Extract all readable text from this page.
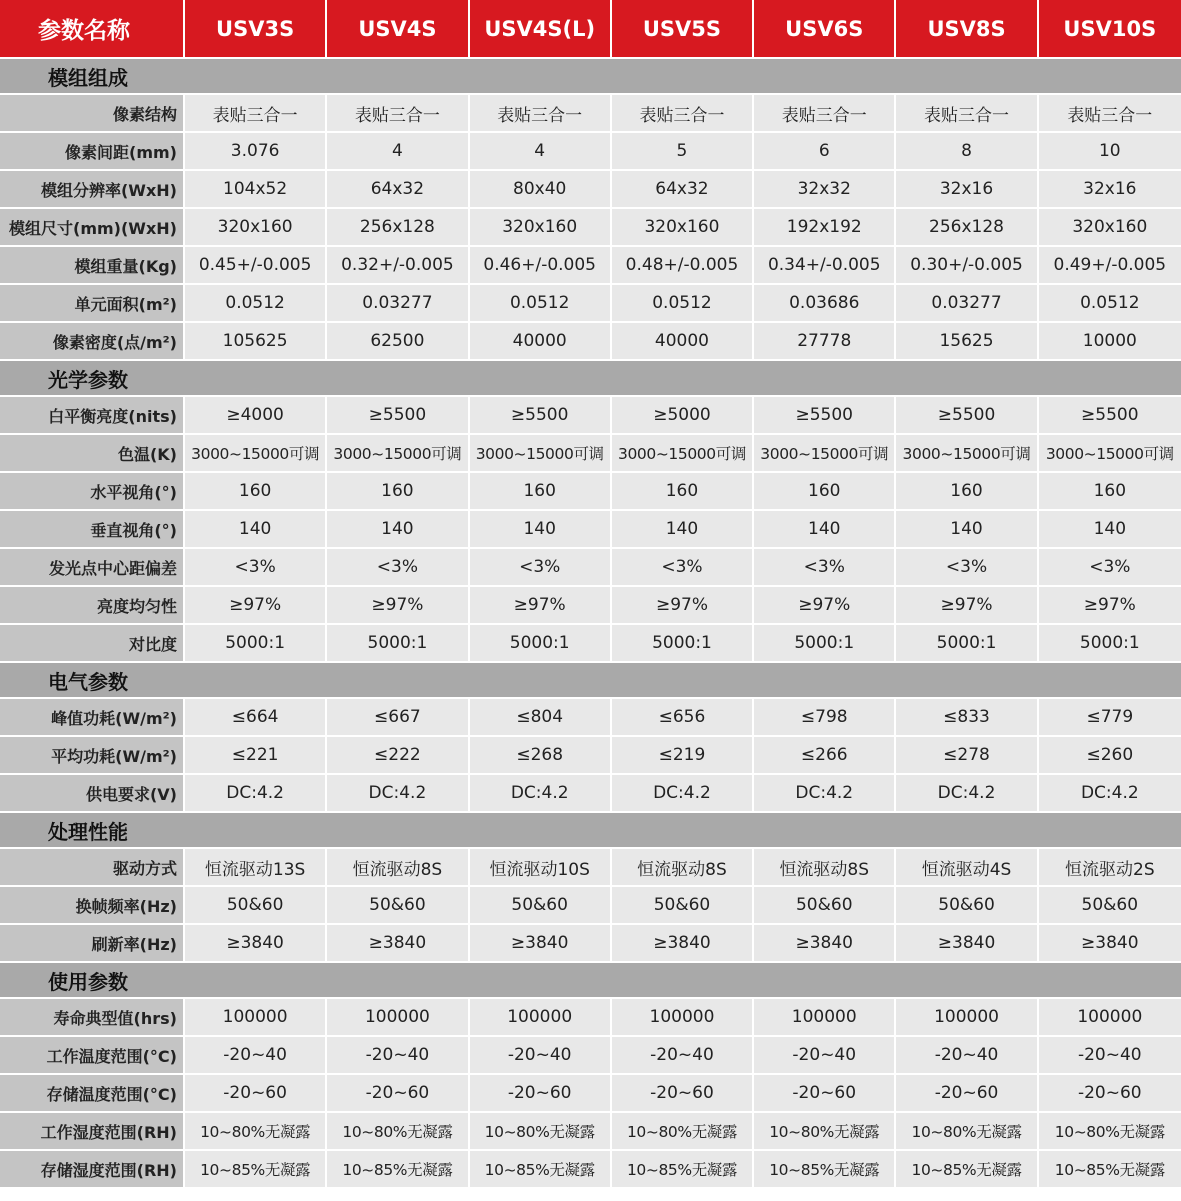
参数名称	USV3S	USV4S	USV4S(L)	USV5S	USV6S	USV8S	USV10S
模组组成
像素结构	表贴三合一	表贴三合一	表贴三合一	表贴三合一	表贴三合一	表贴三合一	表贴三合一
像素间距(mm)	3.076	4	4	5	6	8	10
模组分辨率(WxH)	104x52	64x32	80x40	64x32	32x32	32x16	32x16
模组尺寸(mm)(WxH)	320x160	256x128	320x160	320x160	192x192	256x128	320x160
模组重量(Kg)	0.45+/-0.005	0.32+/-0.005	0.46+/-0.005	0.48+/-0.005	0.34+/-0.005	0.30+/-0.005	0.49+/-0.005
单元面积(m²)	0.0512	0.03277	0.0512	0.0512	0.03686	0.03277	0.0512
像素密度(点/m²)	105625	62500	40000	40000	27778	15625	10000
光学参数
白平衡亮度(nits)	≥4000	≥5500	≥5500	≥5000	≥5500	≥5500	≥5500
色温(K) 3000~15000可调 3000~15000可调 3000~15000可调 3000~15000可调 3000~15000可调 3000~15000可调 3000~15000可调
水平视角(°)	160	160	160	160	160	160	160
垂直视角(°)	140	140	140	140	140	140	140
发光点中心距偏差	<3%	<3%	<3%	<3%	<3%	<3%	<3%
亮度均匀性	≥97%	≥97%	≥97%	≥97%	≥97%	≥97%	≥97%
对比度	5000:1	5000:1	5000:1	5000:1	5000:1	5000:1	5000:1
电气参数
峰值功耗(W/m²)	≤664	≤667	≤804	≤656	≤798	≤833	≤779
平均功耗(W/m²)	≤221	≤222	≤268	≤219	≤266	≤278	≤260
供电要求(V)	DC:4.2	DC:4.2	DC:4.2	DC:4.2	DC:4.2	DC:4.2	DC:4.2
处理性能
驱动方式	恒流驱动13S	恒流驱动8S	恒流驱动10S	恒流驱动8S	恒流驱动8S	恒流驱动4S	恒流驱动2S
换帧频率(Hz)	50&60	50&60	50&60	50&60	50&60	50&60	50&60
刷新率(Hz)	≥3840	≥3840	≥3840	≥3840	≥3840	≥3840	≥3840
使用参数
寿命典型值(hrs)	100000	100000	100000	100000	100000	100000	100000
工作温度范围(°C)	-20~40	-20~40	-20~40	-20~40	-20~40	-20~40	-20~40
存储温度范围(°C)	-20~60	-20~60	-20~60	-20~60	-20~60	-20~60	-20~60
工作湿度范围(RH)	10~80%无凝露	10~80%无凝露	10~80%无凝露	10~80%无凝露	10~80%无凝露	10~80%无凝露	10~80%无凝露
存储湿度范围(RH)	10~85%无凝露	10~85%无凝露	10~85%无凝露	10~85%无凝露	10~85%无凝露	10~85%无凝露	10~85%无凝露
